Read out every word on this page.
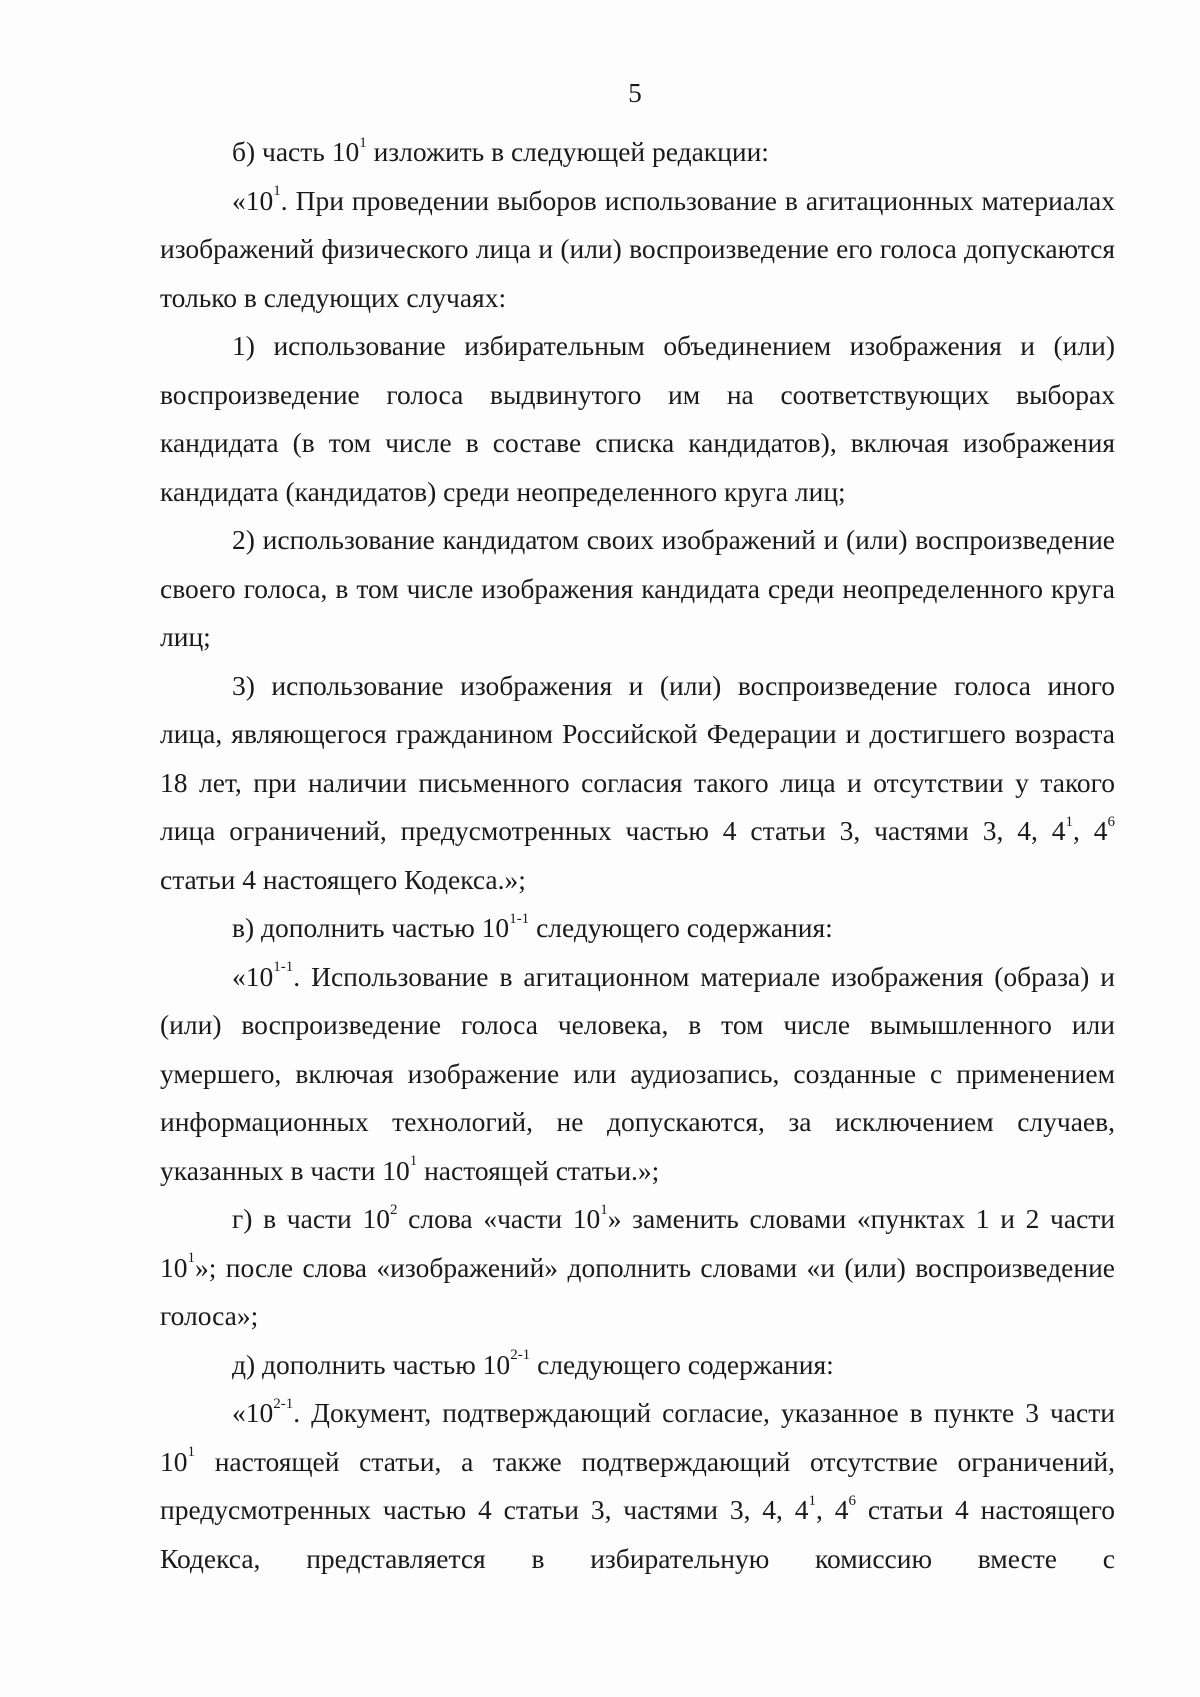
5

б) часть $10^1$ изложить в следующей редакции:

«$10^1$. При проведении выборов использование в агитационных материалах изображений физического лица и (или) воспроизведение его голоса допускаются только в следующих случаях:

1) использование избирательным объединением изображения и (или) воспроизведение голоса выдвинутого им на соответствующих выборах кандидата (в том числе в составе списка кандидатов), включая изображения кандидата (кандидатов) среди неопределенного круга лиц;

2) использование кандидатом своих изображений и (или) воспроизведение своего голоса, в том числе изображения кандидата среди неопределенного круга лиц;

3) использование изображения и (или) воспроизведение голоса иного лица, являющегося гражданином Российской Федерации и достигшего возраста 18 лет, при наличии письменного согласия такого лица и отсутствии у такого лица ограничений, предусмотренных частью 4 статьи 3, частями 3, 4, $4^1$, $4^6$ статьи 4 настоящего Кодекса.»;

в) дополнить частью 10$^{1-1}$ следующего содержания:

«10$^{1-1}$. Использование в агитационном материале изображения (образа) и (или) воспроизведение голоса человека, в том числе вымышленного или умершего, включая изображение или аудиозапись, созданные с применением информационных технологий, не допускаются, за исключением случаев, указанных в части $10^1$ настоящей статьи.»;

г) в части $10^2$ слова «части $10^1$» заменить словами «пунктах 1 и 2 части $10^1$»; после слова «изображений» дополнить словами «и (или) воспроизведение голоса»;

д) дополнить частью 10$^{2-1}$ следующего содержания:

«10$^{2-1}$. Документ, подтверждающий согласие, указанное в пункте 3 части $10^1$ настоящей статьи, а также подтверждающий отсутствие ограничений, предусмотренных частью 4 статьи 3, частями 3, 4, $4^1$, $4^6$ статьи 4 настоящего Кодекса, представляется в избирательную комиссию вместе с
